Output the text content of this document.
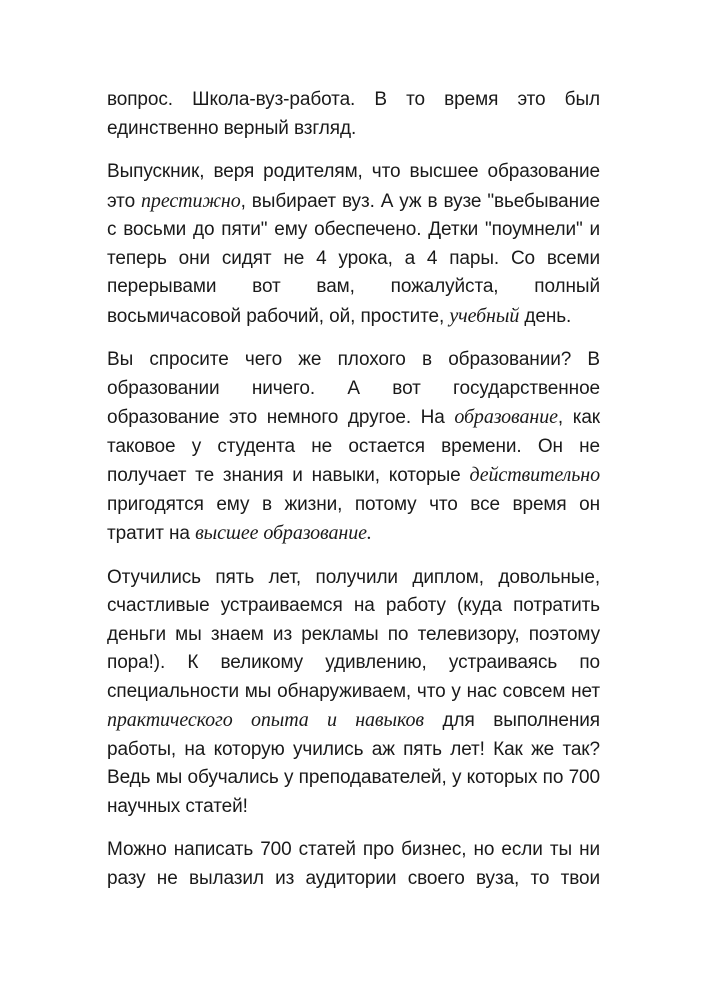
вопрос. Школа-вуз-работа. В то время это был единственно верный взгляд.

Выпускник, веря родителям, что высшее образование это престижно, выбирает вуз. А уж в вузе "вьебывание с восьми до пяти" ему обеспечено. Детки "поумнели" и теперь они сидят не 4 урока, а 4 пары. Со всеми перерывами вот вам, пожалуйста, полный восьмичасовой рабочий, ой, простите, учебный день.

Вы спросите чего же плохого в образовании? В образовании ничего. А вот государственное образование это немного другое. На образование, как таковое у студента не остается времени. Он не получает те знания и навыки, которые действительно пригодятся ему в жизни, потому что все время он тратит на высшее образование.

Отучились пять лет, получили диплом, довольные, счастливые устраиваемся на работу (куда потратить деньги мы знаем из рекламы по телевизору, поэтому пора!). К великому удивлению, устраиваясь по специальности мы обнаруживаем, что у нас совсем нет практического опыта и навыков для выполнения работы, на которую учились аж пять лет! Как же так? Ведь мы обучались у преподавателей, у которых по 700 научных статей!

Можно написать 700 статей про бизнес, но если ты ни разу не вылазил из аудитории своего вуза, то твои
